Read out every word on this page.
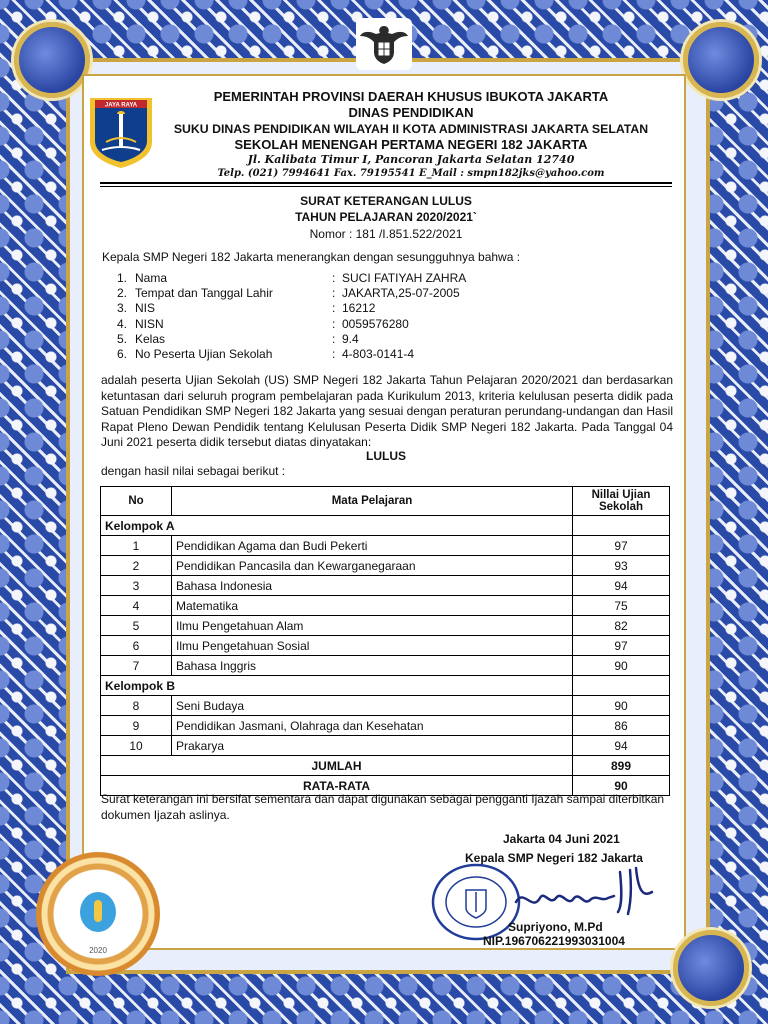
JAYA RAYA
PEMERINTAH PROVINSI DAERAH KHUSUS IBUKOTA JAKARTA
DINAS PENDIDIKAN
SUKU DINAS PENDIDIKAN WILAYAH II KOTA ADMINISTRASI JAKARTA SELATAN
SEKOLAH MENENGAH PERTAMA NEGERI 182 JAKARTA
Jl. Kalibata Timur I, Pancoran Jakarta Selatan 12740
Telp. (021) 7994641 Fax. 79195541 E_Mail : smpn182jks@yahoo.com
SURAT KETERANGAN LULUS
TAHUN PELAJARAN 2020/2021`
Nomor : 181 /I.851.522/2021
Kepala SMP Negeri 182 Jakarta menerangkan dengan sesungguhnya bahwa :
1.	Nama	:	SUCI FATIYAH ZAHRA
2.	Tempat dan Tanggal Lahir	:	JAKARTA,25-07-2005
3.	NIS	:	16212
4.	NISN	:	0059576280
5.	Kelas	:	9.4
6.	No Peserta Ujian Sekolah	:	4-803-0141-4
adalah peserta Ujian Sekolah (US) SMP Negeri 182 Jakarta Tahun Pelajaran 2020/2021 dan berdasarkan ketuntasan dari seluruh program pembelajaran pada Kurikulum 2013, kriteria kelulusan peserta didik pada Satuan Pendidikan SMP Negeri 182 Jakarta yang sesuai dengan peraturan perundang-undangan dan Hasil Rapat Pleno Dewan Pendidik tentang Kelulusan Peserta Didik SMP Negeri 182 Jakarta. Pada Tanggal 04 Juni 2021 peserta didik tersebut diatas dinyatakan:
LULUS
dengan hasil nilai sebagai berikut :
No	Mata Pelajaran	Nillai Ujian Sekolah
Kelompok A		
1	Pendidikan Agama dan Budi Pekerti	97
2	Pendidikan Pancasila dan Kewarganegaraan	93
3	Bahasa Indonesia	94
4	Matematika	75
5	Ilmu Pengetahuan Alam	82
6	Ilmu Pengetahuan Sosial	97
7	Bahasa Inggris	90
Kelompok B		
8	Seni Budaya	90
9	Pendidikan Jasmani, Olahraga dan Kesehatan	86
10	Prakarya	94
JUMLAH		899
RATA-RATA		90
Surat keterangan ini bersifat sementara dan dapat digunakan sebagai pengganti Ijazah sampai diterbitkan dokumen Ijazah aslinya.
Jakarta 04 Juni 2021
Kepala SMP Negeri 182 Jakarta
Supriyono, M.Pd
NIP.196706221993031004
2020
